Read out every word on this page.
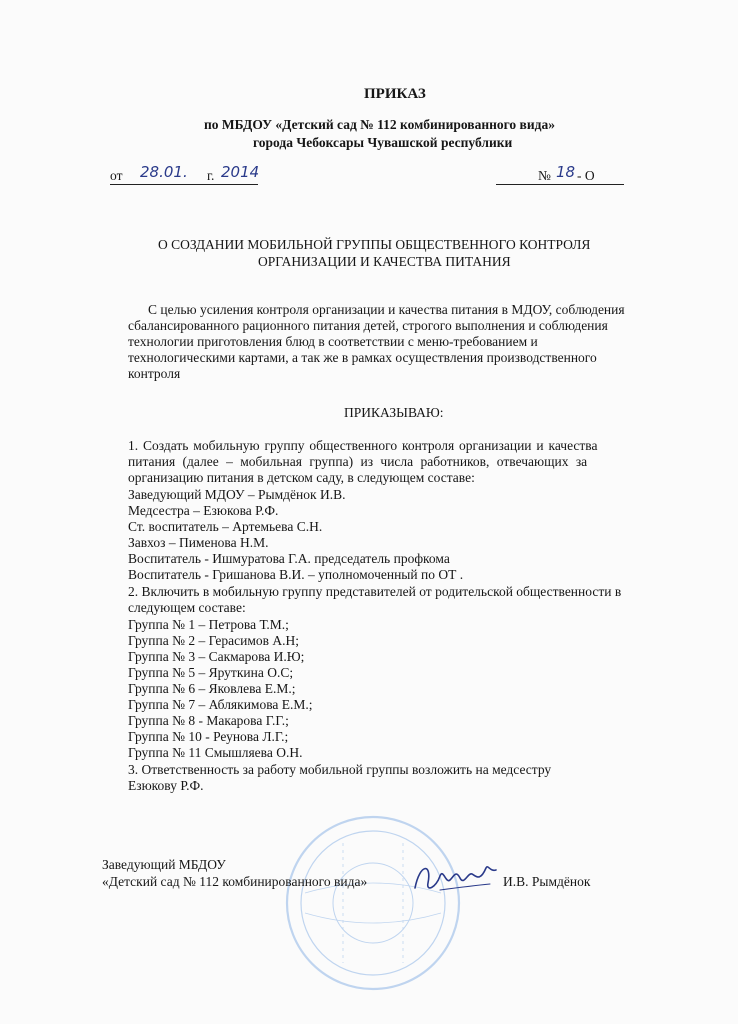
ПРИКАЗ
по МБДОУ «Детский сад № 112 комбинированного вида»
города Чебоксары Чувашской республики
от 28.01. г. 2014	№ 18 - О
О СОЗДАНИИ МОБИЛЬНОЙ ГРУППЫ ОБЩЕСТВЕННОГО КОНТРОЛЯ
ОРГАНИЗАЦИИ И КАЧЕСТВА ПИТАНИЯ
С целью усиления контроля организации и качества питания в МДОУ, соблюдения
сбалансированного рационного питания детей, строгого выполнения и соблюдения
технологии приготовления блюд в соответствии с меню-требованием и
технологическими картами, а так же в рамках осуществления производственного
контроля
ПРИКАЗЫВАЮ:
1. Создать мобильную группу общественного контроля организации и качества
питания (далее – мобильная группа) из числа работников, отвечающих за
организацию питания в детском саду, в следующем составе:
Заведующий МДОУ – Рымдёнок И.В.
Медсестра – Езюкова Р.Ф.
Ст. воспитатель – Артемьева С.Н.
Завхоз – Пименова Н.М.
Воспитатель - Ишмуратова Г.А. председатель профкома
Воспитатель - Гришанова В.И. – уполномоченный по ОТ .
2. Включить в мобильную группу представителей от родительской общественности в
следующем составе:
Группа № 1 – Петрова Т.М.;
Группа № 2 – Герасимов А.Н;
Группа № 3 – Сакмарова И.Ю;
Группа № 5 – Яруткина О.С;
Группа № 6 – Яковлева Е.М.;
Группа № 7 – Аблякимова Е.М.;
Группа № 8 - Макарова Г.Г.;
Группа № 10 - Реунова Л.Г.;
Группа № 11 Смышляева О.Н.
3. Ответственность за работу мобильной группы возложить на медсестру
Езюкову Р.Ф.
Заведующий МБДОУ
«Детский сад № 112 комбинированного вида»	И.В. Рымдёнок
